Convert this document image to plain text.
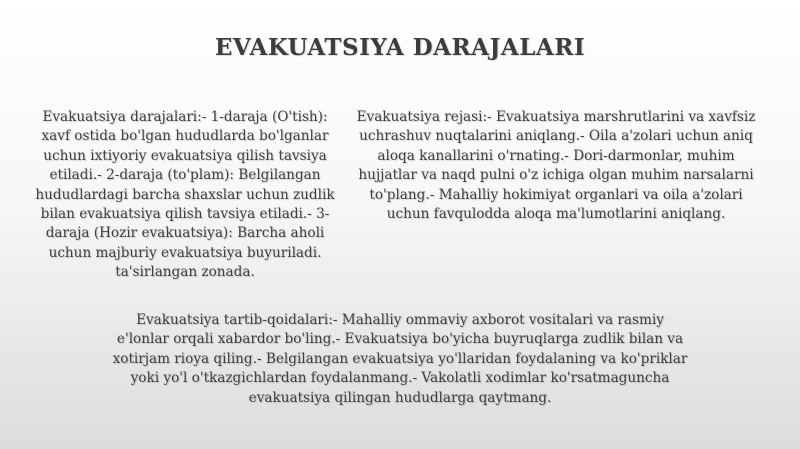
EVAKUATSIYA DARAJALARI
Evakuatsiya darajalari:- 1-daraja (O'tish): xavf ostida bo'lgan hududlarda bo'lganlar uchun ixtiyoriy evakuatsiya qilish tavsiya etiladi.- 2-daraja (to'plam): Belgilangan hududlardagi barcha shaxslar uchun zudlik bilan evakuatsiya qilish tavsiya etiladi.- 3-daraja (Hozir evakuatsiya): Barcha aholi uchun majburiy evakuatsiya buyuriladi. ta'sirlangan zonada.
Evakuatsiya rejasi:- Evakuatsiya marshrutlarini va xavfsiz uchrashuv nuqtalarini aniqlang.- Oila a'zolari uchun aniq aloqa kanallarini o'rnating.- Dori-darmonlar, muhim hujjatlar va naqd pulni o'z ichiga olgan muhim narsalarni to'plang.- Mahalliy hokimiyat organlari va oila a'zolari uchun favqulodda aloqa ma'lumotlarini aniqlang.
Evakuatsiya tartib-qoidalari:- Mahalliy ommaviy axborot vositalari va rasmiy e'lonlar orqali xabardor bo'ling.- Evakuatsiya bo'yicha buyruqlarga zudlik bilan va xotirjam rioya qiling.- Belgilangan evakuatsiya yo'llaridan foydalaning va ko'priklar yoki yo'l o'tkazgichlardan foydalanmang.- Vakolatli xodimlar ko'rsatmaguncha evakuatsiya qilingan hududlarga qaytmang.
